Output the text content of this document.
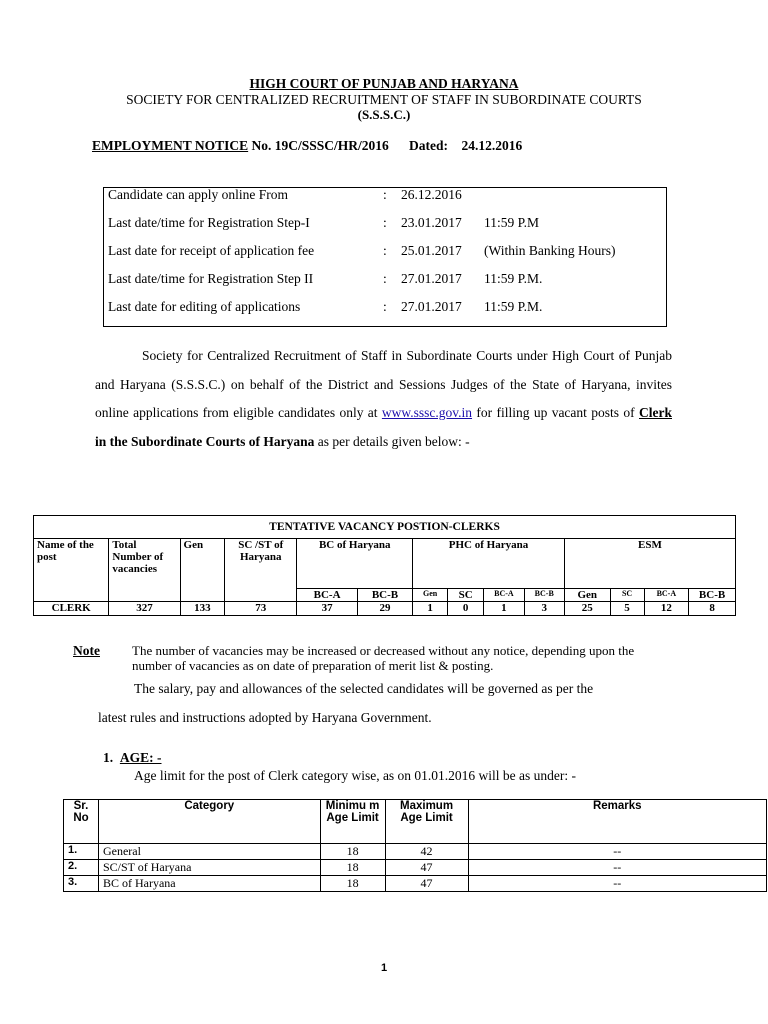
HIGH COURT OF PUNJAB AND HARYANA
SOCIETY FOR CENTRALIZED RECRUITMENT OF STAFF IN SUBORDINATE COURTS
(S.S.S.C.)
EMPLOYMENT NOTICE No. 19C/SSSC/HR/2016 Dated: 24.12.2016
Candidate can apply online From	: 26.12.2016
Last date/time for Registration Step-I	: 23.01.2017 11:59 P.M
Last date for receipt of application fee	: 25.01.2017 (Within Banking Hours)
Last date/time for Registration Step II	: 27.01.2017 11:59 P.M.
Last date for editing of applications	: 27.01.2017 11:59 P.M.

Society for Centralized Recruitment of Staff in Subordinate Courts under High Court of Punjab and Haryana (S.S.S.C.) on behalf of the District and Sessions Judges of the State of Haryana, invites online applications from eligible candidates only at www.sssc.gov.in for filling up vacant posts of Clerk in the Subordinate Courts of Haryana as per details given below: -

TENTATIVE VACANCY POSTION-CLERKS													
Name of the post	Total Number of vacancies	Gen	SC /ST of Haryana	BC of Haryana		PHC of Haryana				ESM			
				BC-A	BC-B	Gen	SC	BC-A	BC-B	Gen	SC	BC-A	BC-B
CLERK	327	133	73	37	29	1	0	1	3	25	5	12	8
Note The number of vacancies may be increased or decreased without any notice, depending upon the number of vacancies as on date of preparation of merit list & posting.
The salary, pay and allowances of the selected candidates will be governed as per the
latest rules and instructions adopted by Haryana Government.
1. AGE: -
Age limit for the post of Clerk category wise, as on 01.01.2016 will be as under: -
Sr. No	Category	Minimu m Age Limit	Maximum Age Limit	Remarks
1.	General	18	42	--
2.	SC/ST of Haryana	18	47	--
3.	BC of Haryana	18	47	--
1
